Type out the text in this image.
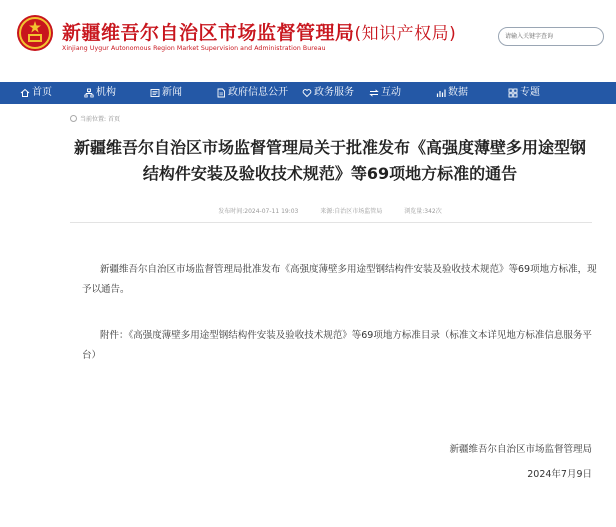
新疆维吾尔自治区市场监督管理局(知识产权局)
Xinjiang Uygur Autonomous Region Market Supervision and Administration Bureau
请输入关键字查询
首页	机构	新闻	政府信息公开	政务服务	互动	数据	专题
当前位置: 首页
新疆维吾尔自治区市场监督管理局关于批准发布《高强度薄壁多用途型钢结构件安装及验收技术规范》等69项地方标准的通告
发布时间:2024-07-11 19:03	来源:自治区市场监管局	浏览量:342次
新疆维吾尔自治区市场监督管理局批准发布《高强度薄壁多用途型钢结构件安装及验收技术规范》等69项地方标准，现予以通告。
附件：《高强度薄壁多用途型钢结构件安装及验收技术规范》等69项地方标准目录（标准文本详见地方标准信息服务平台）
新疆维吾尔自治区市场监督管理局
2024年7月9日
